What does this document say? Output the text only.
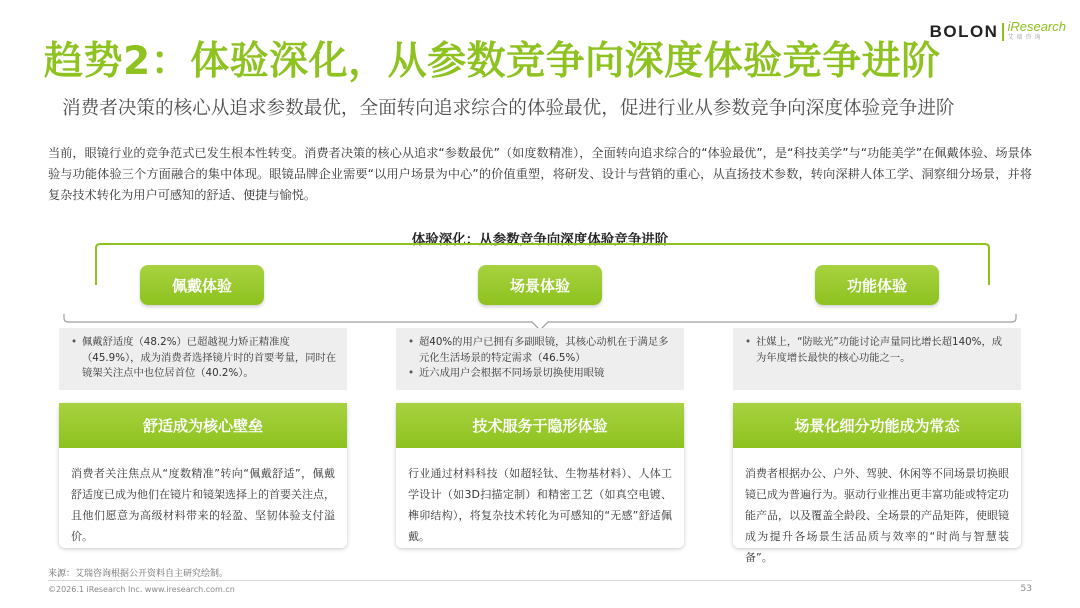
BOLON iResearch
艾瑞咨询
趋势2：体验深化，从参数竞争向深度体验竞争进阶
消费者决策的核心从追求参数最优，全面转向追求综合的体验最优，促进行业从参数竞争向深度体验竞争进阶

当前，眼镜行业的竞争范式已发生根本性转变。消费者决策的核心从追求“参数最优”（如度数精准），全面转向追求综合的“体验最优”，是“科技美学”与“功能美学”在佩戴体验、场景体验与功能体验三个方面融合的集中体现。眼镜品牌企业需要“以用户场景为中心”的价值重塑，将研发、设计与营销的重心，从直扬技术参数，转向深耕人体工学、洞察细分场景，并将复杂技术转化为用户可感知的舒适、便捷与愉悦。

体验深化：从参数竞争向深度体验竞争进阶
佩戴体验	场景体验	功能体验
• 佩戴舒适度（48.2%）已超越视力矫正精准度（45.9%），成为消费者选择镜片时的首要考量，同时在镜架关注点中也位居首位（40.2%）。
• 超40%的用户已拥有多副眼镜，其核心动机在于满足多元化生活场景的特定需求（46.5%）
• 近六成用户会根据不同场景切换使用眼镜
• 社媒上，“防眩光”功能讨论声量同比增长超140%，成为年度增长最快的核心功能之一。
舒适成为核心壁垒
消费者关注焦点从“度数精准”转向“佩戴舒适”，佩戴舒适度已成为他们在镜片和镜架选择上的首要关注点，且他们愿意为高级材料带来的轻盈、坚韧体验支付溢价。
技术服务于隐形体验
行业通过材料科技（如超轻钛、生物基材料）、人体工学设计（如3D扫描定制）和精密工艺（如真空电镀、榫卯结构），将复杂技术转化为可感知的“无感”舒适佩戴。
场景化细分功能成为常态
消费者根据办公、户外、驾驶、休闲等不同场景切换眼镜已成为普遍行为。驱动行业推出更丰富功能或特定功能产品，以及覆盖全龄段、全场景的产品矩阵，使眼镜成为提升各场景生活品质与效率的“时尚与智慧装备”。
来源：艾瑞咨询根据公开资料自主研究绘制。
©2026.1 iResearch Inc. www.iresearch.com.cn	53
